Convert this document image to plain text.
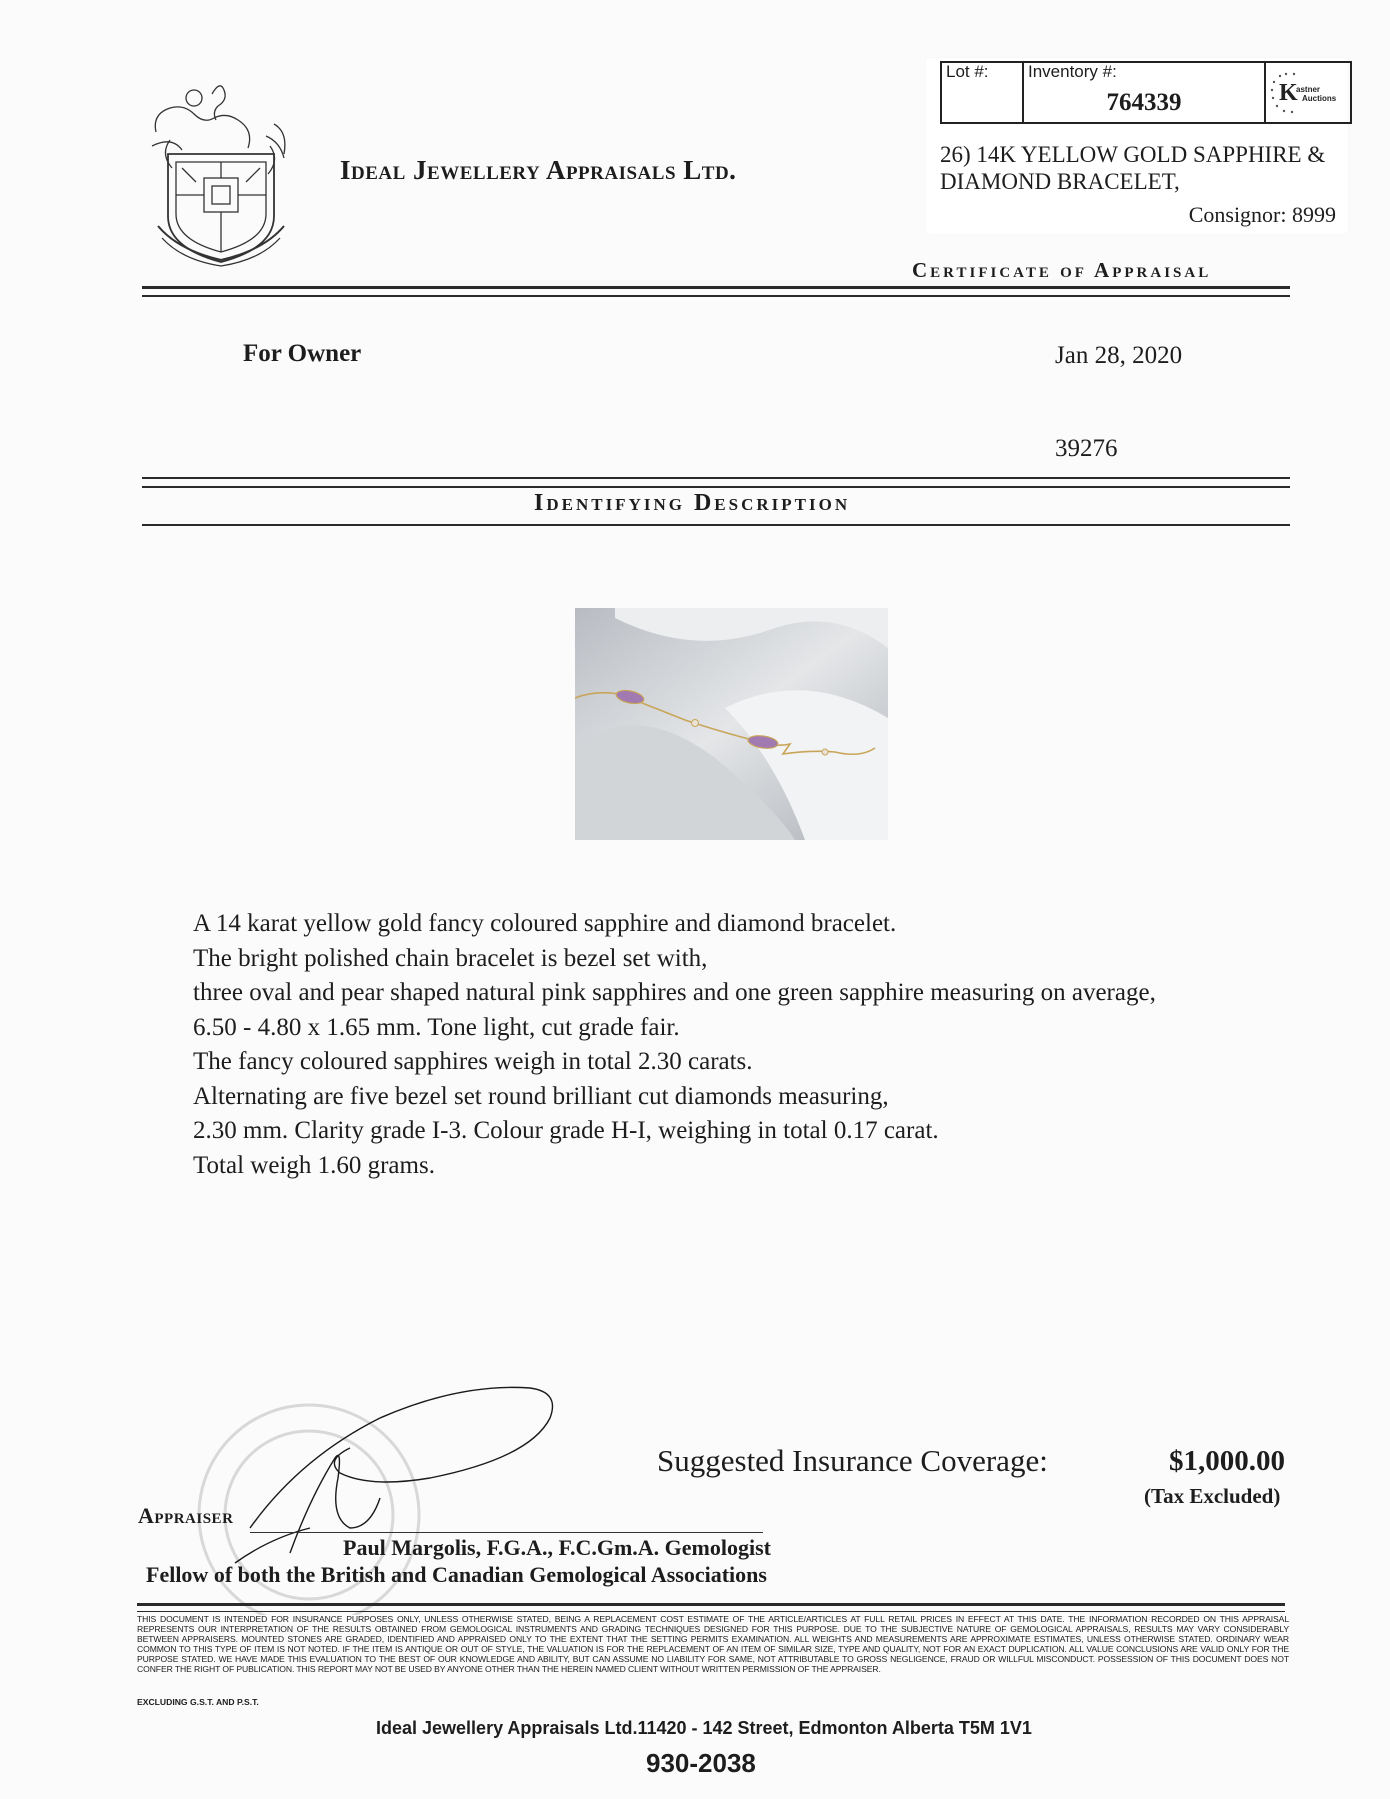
Ideal Jewellery Appraisals Ltd.
Lot #:	Inventory #:
764339	K
astner
Auctions
26) 14K YELLOW GOLD SAPPHIRE &
DIAMOND BRACELET,
Consignor: 8999
Certificate of Appraisal
For Owner	Jan 28, 2020
39276
Identifying Description
A 14 karat yellow gold fancy coloured sapphire and diamond bracelet.
The bright polished chain bracelet is bezel set with,
three oval and pear shaped natural pink sapphires and one green sapphire measuring on average,
6.50 - 4.80 x 1.65 mm. Tone light, cut grade fair.
The fancy coloured sapphires weigh in total 2.30 carats.
Alternating are five bezel set round brilliant cut diamonds measuring,
2.30 mm. Clarity grade I-3. Colour grade H-I, weighing in total 0.17 carat.
Total weigh 1.60 grams.
Suggested Insurance Coverage:	$1,000.00
(Tax Excluded)
Appraiser
Paul Margolis, F.G.A., F.C.Gm.A. Gemologist
Fellow of both the British and Canadian Gemological Associations
THIS DOCUMENT IS INTENDED FOR INSURANCE PURPOSES ONLY, UNLESS OTHERWISE STATED, BEING A REPLACEMENT COST ESTIMATE OF THE ARTICLE/ARTICLES AT FULL RETAIL PRICES IN EFFECT AT THIS DATE. THE INFORMATION RECORDED ON THIS APPRAISAL REPRESENTS OUR INTERPRETATION OF THE RESULTS OBTAINED FROM GEMOLOGICAL INSTRUMENTS AND GRADING TECHNIQUES DESIGNED FOR THIS PURPOSE. DUE TO THE SUBJECTIVE NATURE OF GEMOLOGICAL APPRAISALS, RESULTS MAY VARY CONSIDERABLY BETWEEN APPRAISERS. MOUNTED STONES ARE GRADED, IDENTIFIED AND APPRAISED ONLY TO THE EXTENT THAT THE SETTING PERMITS EXAMINATION. ALL WEIGHTS AND MEASUREMENTS ARE APPROXIMATE ESTIMATES, UNLESS OTHERWISE STATED. ORDINARY WEAR COMMON TO THIS TYPE OF ITEM IS NOT NOTED. IF THE ITEM IS ANTIQUE OR OUT OF STYLE, THE VALUATION IS FOR THE REPLACEMENT OF AN ITEM OF SIMILAR SIZE, TYPE AND QUALITY, NOT FOR AN EXACT DUPLICATION. ALL VALUE CONCLUSIONS ARE VALID ONLY FOR THE PURPOSE STATED. WE HAVE MADE THIS EVALUATION TO THE BEST OF OUR KNOWLEDGE AND ABILITY, BUT CAN ASSUME NO LIABILITY FOR SAME, NOT ATTRIBUTABLE TO GROSS NEGLIGENCE, FRAUD OR WILLFUL MISCONDUCT. POSSESSION OF THIS DOCUMENT DOES NOT CONFER THE RIGHT OF PUBLICATION. THIS REPORT MAY NOT BE USED BY ANYONE OTHER THAN THE HEREIN NAMED CLIENT WITHOUT WRITTEN PERMISSION OF THE APPRAISER.
EXCLUDING G.S.T. AND P.S.T.
Ideal Jewellery Appraisals Ltd.11420 - 142 Street, Edmonton Alberta T5M 1V1
930-2038
